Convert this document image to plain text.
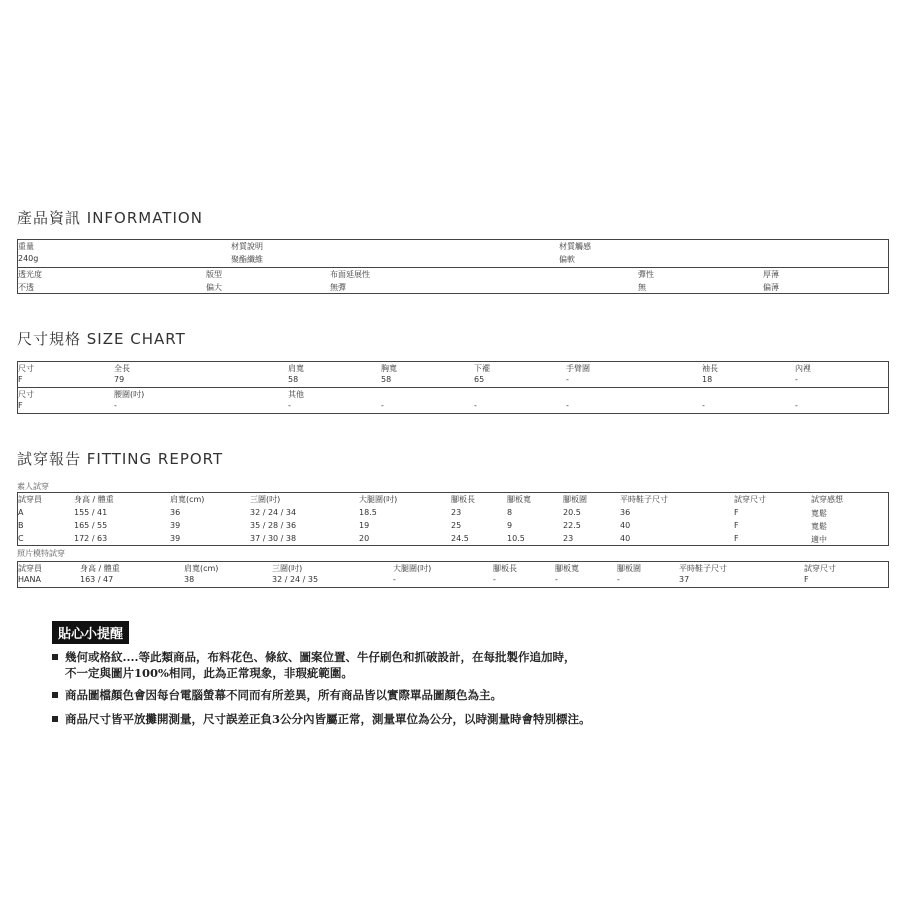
產品資訊 INFORMATION
重量	材質說明	材質觸感
240g	聚酯纖維	偏軟
透光度	版型	布面延展性	彈性	厚薄
不透	偏大	無彈	無	偏薄
尺寸規格 SIZE CHART
尺寸	全長	肩寬	胸寬	下襬	手臂圍	袖長	內裡
F	79	58	58	65	-	18	-
尺寸	腰圍(吋)	其他
F	-	-	-	-	-	-	-
試穿報告 FITTING REPORT
素人試穿
試穿員	身高 / 體重	肩寬(cm)	三圍(吋)	大腿圍(吋)	腳板長	腳板寬	腳板圍	平時鞋子尺寸	試穿尺寸	試穿感想
A	155 / 41	36	32 / 24 / 34	18.5	23	8	20.5	36	F	寬鬆
B	165 / 55	39	35 / 28 / 36	19	25	9	22.5	40	F	寬鬆
C	172 / 63	39	37 / 30 / 38	20	24.5	10.5	23	40	F	適中
照片模特試穿
試穿員	身高 / 體重	肩寬(cm)	三圍(吋)	大腿圍(吋)	腳板長	腳板寬	腳板圍	平時鞋子尺寸	試穿尺寸
HANA	163 / 47	38	32 / 24 / 35	-	-	-	-	37	F
貼心小提醒
幾何或格紋....等此類商品，布料花色、條紋、圖案位置、牛仔刷色和抓破設計，在每批製作追加時，
不一定與圖片100%相同，此為正常現象，非瑕疵範圍。
商品圖檔顏色會因每台電腦螢幕不同而有所差異，所有商品皆以實際單品圖顏色為主。
商品尺寸皆平放攤開測量，尺寸誤差正負3公分內皆屬正常，測量單位為公分，以時測量時會特別標注。
